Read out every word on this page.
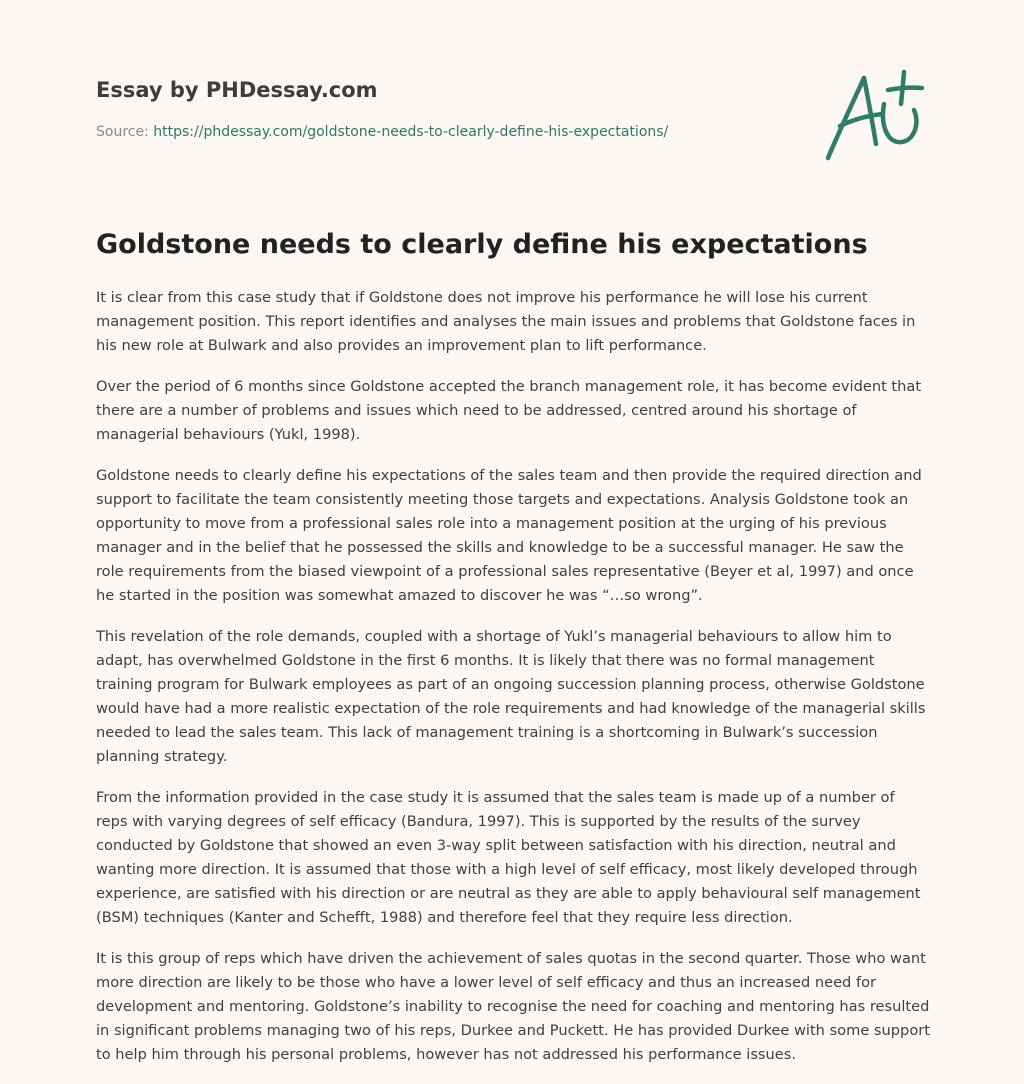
Essay by PHDessay.com
Source: https://phdessay.com/goldstone-needs-to-clearly-define-his-expectations/
Goldstone needs to clearly define his expectations

It is clear from this case study that if Goldstone does not improve his performance he will lose his current management position. This report identifies and analyses the main issues and problems that Goldstone faces in his new role at Bulwark and also provides an improvement plan to lift performance.

Over the period of 6 months since Goldstone accepted the branch management role, it has become evident that there are a number of problems and issues which need to be addressed, centred around his shortage of managerial behaviours (Yukl, 1998).

Goldstone needs to clearly define his expectations of the sales team and then provide the required direction and support to facilitate the team consistently meeting those targets and expectations. Analysis Goldstone took an opportunity to move from a professional sales role into a management position at the urging of his previous manager and in the belief that he possessed the skills and knowledge to be a successful manager. He saw the role requirements from the biased viewpoint of a professional sales representative (Beyer et al, 1997) and once he started in the position was somewhat amazed to discover he was “…so wrong”.

This revelation of the role demands, coupled with a shortage of Yukl’s managerial behaviours to allow him to adapt, has overwhelmed Goldstone in the first 6 months. It is likely that there was no formal management training program for Bulwark employees as part of an ongoing succession planning process, otherwise Goldstone would have had a more realistic expectation of the role requirements and had knowledge of the managerial skills needed to lead the sales team. This lack of management training is a shortcoming in Bulwark’s succession planning strategy.

From the information provided in the case study it is assumed that the sales team is made up of a number of reps with varying degrees of self efficacy (Bandura, 1997). This is supported by the results of the survey conducted by Goldstone that showed an even 3-way split between satisfaction with his direction, neutral and wanting more direction. It is assumed that those with a high level of self efficacy, most likely developed through experience, are satisfied with his direction or are neutral as they are able to apply behavioural self management (BSM) techniques (Kanter and Schefft, 1988) and therefore feel that they require less direction.

It is this group of reps which have driven the achievement of sales quotas in the second quarter. Those who want more direction are likely to be those who have a lower level of self efficacy and thus an increased need for development and mentoring. Goldstone’s inability to recognise the need for coaching and mentoring has resulted in significant problems managing two of his reps, Durkee and Puckett. He has provided Durkee with some support to help him through his personal problems, however has not addressed his performance issues.
